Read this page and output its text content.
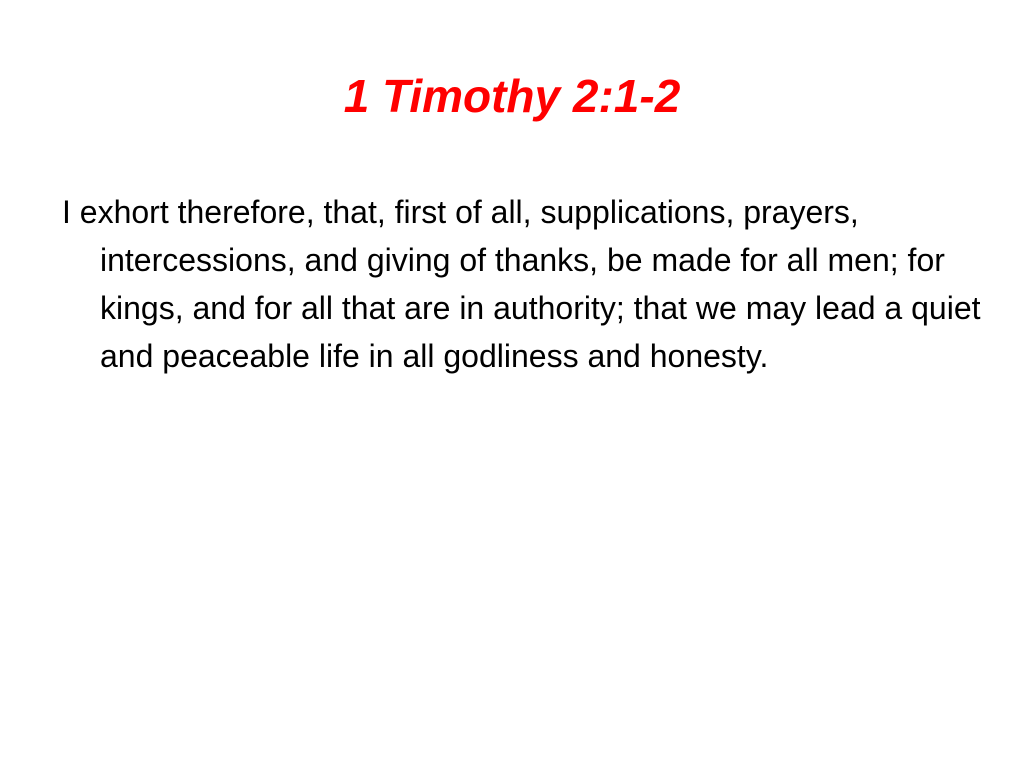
1 Timothy 2:1-2

I exhort therefore, that, first of all, supplications, prayers, intercessions, and giving of thanks, be made for all men; for kings, and for all that are in authority; that we may lead a quiet and peaceable life in all godliness and honesty.
